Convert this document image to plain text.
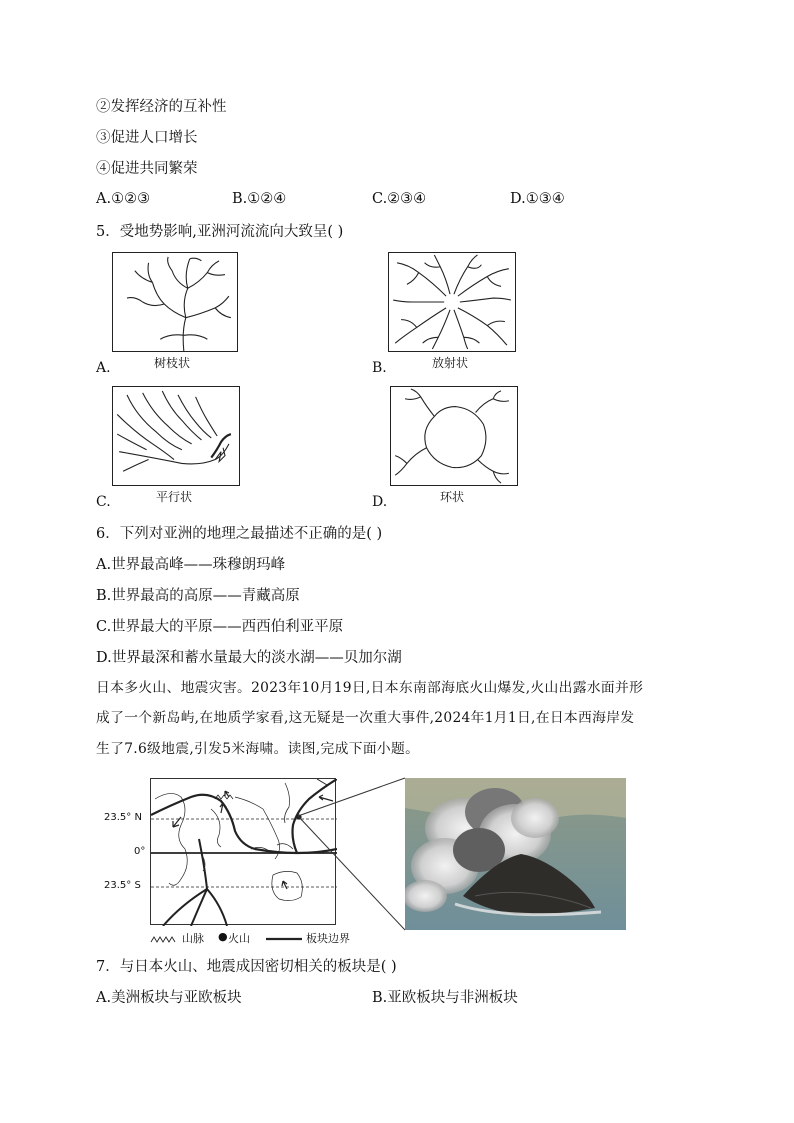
②发挥经济的互补性
③促进人口增长
④促进共同繁荣
A.①②③	B.①②④	C.②③④	D.①③④
5．受地势影响,亚洲河流流向大致呈( )
A.	树枝状	B.	放射状
C.	平行状	D.	环状
6．下列对亚洲的地理之最描述不正确的是( )
A.世界最高峰——珠穆朗玛峰
B.世界最高的高原——青藏高原
C.世界最大的平原——西西伯利亚平原
D.世界最深和蓄水量最大的淡水湖——贝加尔湖
日本多火山、地震灾害。2023年10月19日,日本东南部海底火山爆发,火山出露水面并形
成了一个新岛屿,在地质学家看,这无疑是一次重大事件,2024年1月1日,在日本西海岸发
生了7.6级地震,引发5米海啸。读图,完成下面小题。
23.5° N
0°
23.5° S
山脉 ● 火山	板块边界
7．与日本火山、地震成因密切相关的板块是( )
A.美洲板块与亚欧板块	B.亚欧板块与非洲板块
